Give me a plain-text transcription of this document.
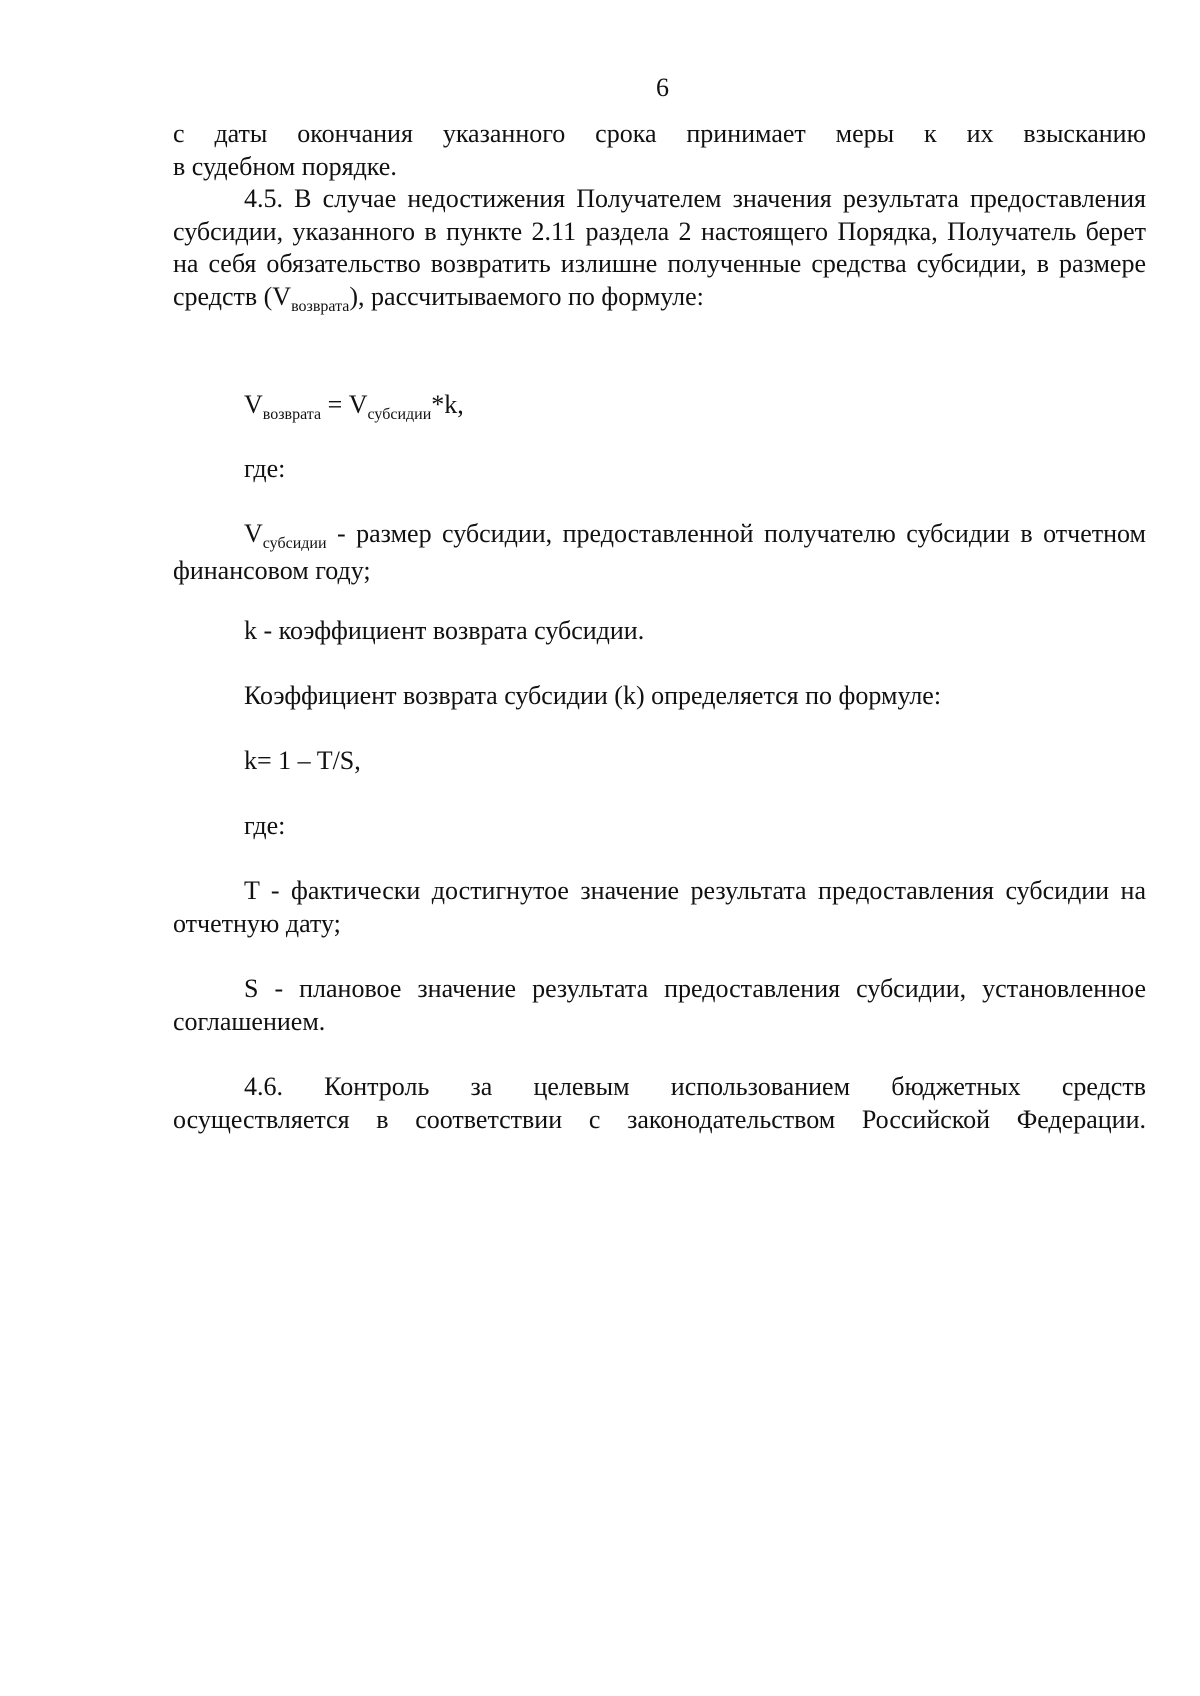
6

с даты окончания указанного срока принимает меры к их взысканию

в судебном порядке.

4.5. В случае недостижения Получателем значения результата предоставления субсидии, указанного в пункте 2.11 раздела 2 настоящего Порядка, Получатель берет на себя обязательство возвратить излишне полученные средства субсидии, в размере средств $(V_{возврата})$, рассчитываемого по формуле:

$V_{возврата} = V_{субсидии}*k$,

где:

$V_{субсидии}$ - размер субсидии, предоставленной получателю субсидии в отчетном финансовом году;

k - коэффициент возврата субсидии.

Коэффициент возврата субсидии (k) определяется по формуле:

k= 1 – T/S,

где:

T - фактически достигнутое значение результата предоставления субсидии на отчетную дату;

S - плановое значение результата предоставления субсидии, установленное соглашением.

4.6. Контроль за целевым использованием бюджетных средств

осуществляется в соответствии с законодательством Российской Федерации.
